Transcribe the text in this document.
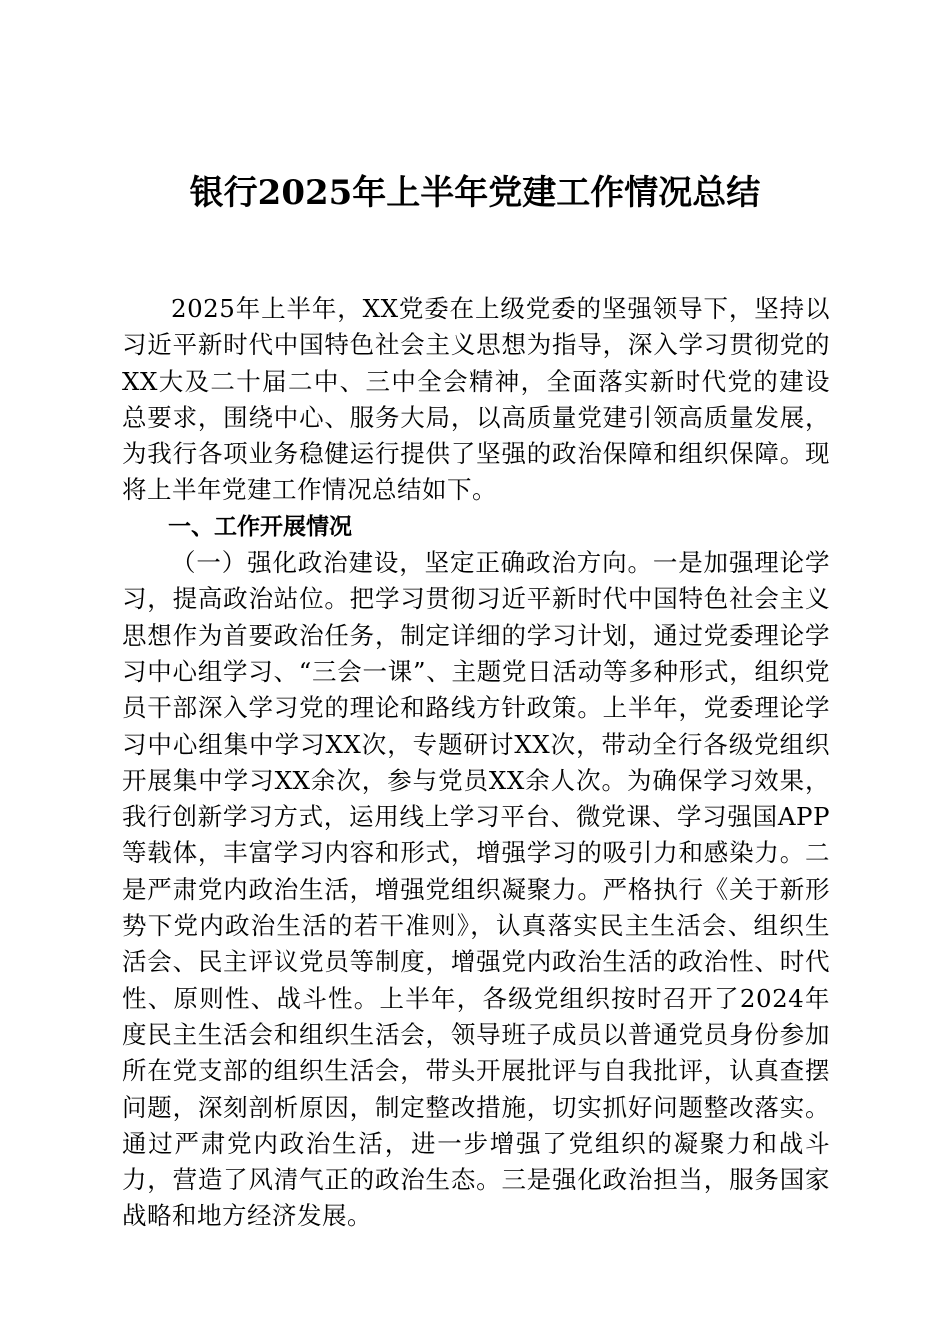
银行2025年上半年党建工作情况总结

2025年上半年，XX党委在上级党委的坚强领导下，坚持以习近平新时代中国特色社会主义思想为指导，深入学习贯彻党的XX大及二十届二中、三中全会精神，全面落实新时代党的建设总要求，围绕中心、服务大局，以高质量党建引领高质量发展，为我行各项业务稳健运行提供了坚强的政治保障和组织保障。现将上半年党建工作情况总结如下。

一、工作开展情况

（一）强化政治建设，坚定正确政治方向。一是加强理论学习，提高政治站位。把学习贯彻习近平新时代中国特色社会主义思想作为首要政治任务，制定详细的学习计划，通过党委理论学习中心组学习、“三会一课”、主题党日活动等多种形式，组织党员干部深入学习党的理论和路线方针政策。上半年，党委理论学习中心组集中学习XX次，专题研讨XX次，带动全行各级党组织开展集中学习XX余次，参与党员XX余人次。为确保学习效果，我行创新学习方式，运用线上学习平台、微党课、学习强国APP等载体，丰富学习内容和形式，增强学习的吸引力和感染力。二是严肃党内政治生活，增强党组织凝聚力。严格执行《关于新形势下党内政治生活的若干准则》，认真落实民主生活会、组织生活会、民主评议党员等制度，增强党内政治生活的政治性、时代性、原则性、战斗性。上半年，各级党组织按时召开了2024年度民主生活会和组织生活会，领导班子成员以普通党员身份参加所在党支部的组织生活会，带头开展批评与自我批评，认真查摆问题，深刻剖析原因，制定整改措施，切实抓好问题整改落实。通过严肃党内政治生活，进一步增强了党组织的凝聚力和战斗力，营造了风清气正的政治生态。三是强化政治担当，服务国家战略和地方经济发展。
